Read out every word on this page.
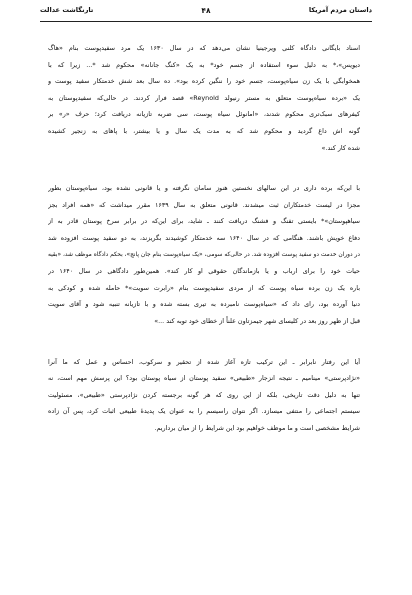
داستان مردم آمریکا
۴۸
تارنگاشت عدالت
اسناد بایگانی دادگاه کلنی ویرجینیا نشان می‌دهد که در سال ۱۶۳۰ یک مرد سفیدپوست بنام «هاگ
دیویس»،* به دلیل سوء استفاده از جسم خود* به یک «کنگ جانانه» محکوم شد *... زیرا که با
همخوابگی با یک زن سیاه‌پوست، جسم خود را ننگین کرده بود». ده سال بعد شش خدمتکار سفید پوست و
یک «برده سیاه‌پوست متعلق به مستر رنیولد Reynold» قصد فرار کردند. در حالی‌که سفیدپوستان به
کیفرهای سبک‌تری محکوم شدند، «امانوئل سیاه پوست، سی ضربه تازیانه دریافت کرد؛ حرف «ر» بر
گونه اش داغ گردید و محکوم شد که به مدت یک سال و یا بیشتر، با پاهای به زنجیر کشیده
شده کار کند.»
با این‌که برده داری در این سالهای نخستین هنوز سامان نگرفته و یا قانونی نشده بود، سیاه‌پوستان بطور
مجزا در لیست خدمتکاران ثبت میشدند. قانونی متعلق به سال ۱۶۳۹ مقرر میداشت که «همه افراد بجز
سیاهپوستان»* بایستی تفنگ و فشنگ دریافت کنند ـ شاید، برای این‌که در برابر سرخ پوستان قادر به از
دفاع خویش باشند. هنگامی که در سال ۱۶۴۰ سه خدمتکار کوشیدند بگریزند، به دو سفید پوست افزوده شد
در دوران خدمت دو سفید پوست افزوده شد. در حالی‌که سومی، «یک سیاه‌پوست بنام جان پانچ»، بحکم دادگاه موظف شد، «بقیه
حیات خود را برای ارباب و یا بازماندگان حقوقی او کار کند». همین‌طور دادگاهی در سال ۱۶۴۰ در
باره یک زن برده سیاه پوست که از مردی سفیدپوست بنام «رابرت سویت»* حامله شده و کودکی به
دنیا آورده بود، رای داد که «سیاه‌پوست نامبرده به تیری بسته شده و با تازیانه تنبیه شود و آقای سویت
قبل از ظهر روز بعد در کلیسای شهر جیمزتاون علناً از خطای خود توبه کند ...»
آیا این رفتار نابرابر ـ این ترکیب تازه آغاز شده از تحقیر و سرکوب، احساس و عمل که ما آنرا
«نژادپرستی» مینامیم ـ نتیجه انزجار «طبیعی» سفید پوستان از سیاه پوستان بود؟ این پرسش مهم است، نه
تنها به دلیل دقت تاریخی، بلکه از این روی که هر گونه برجسته کردن نژادپرستی «طبیعی»، مسئولیت
سیستم اجتماعی را منتفی میسازد. اگر نتوان راسیسم را به عنوان یک پدیدهٔ طبیعی اثبات کرد، پس آن زاده
شرایط مشخصی است و ما موظف خواهیم بود این شرایط را از میان برداریم.
